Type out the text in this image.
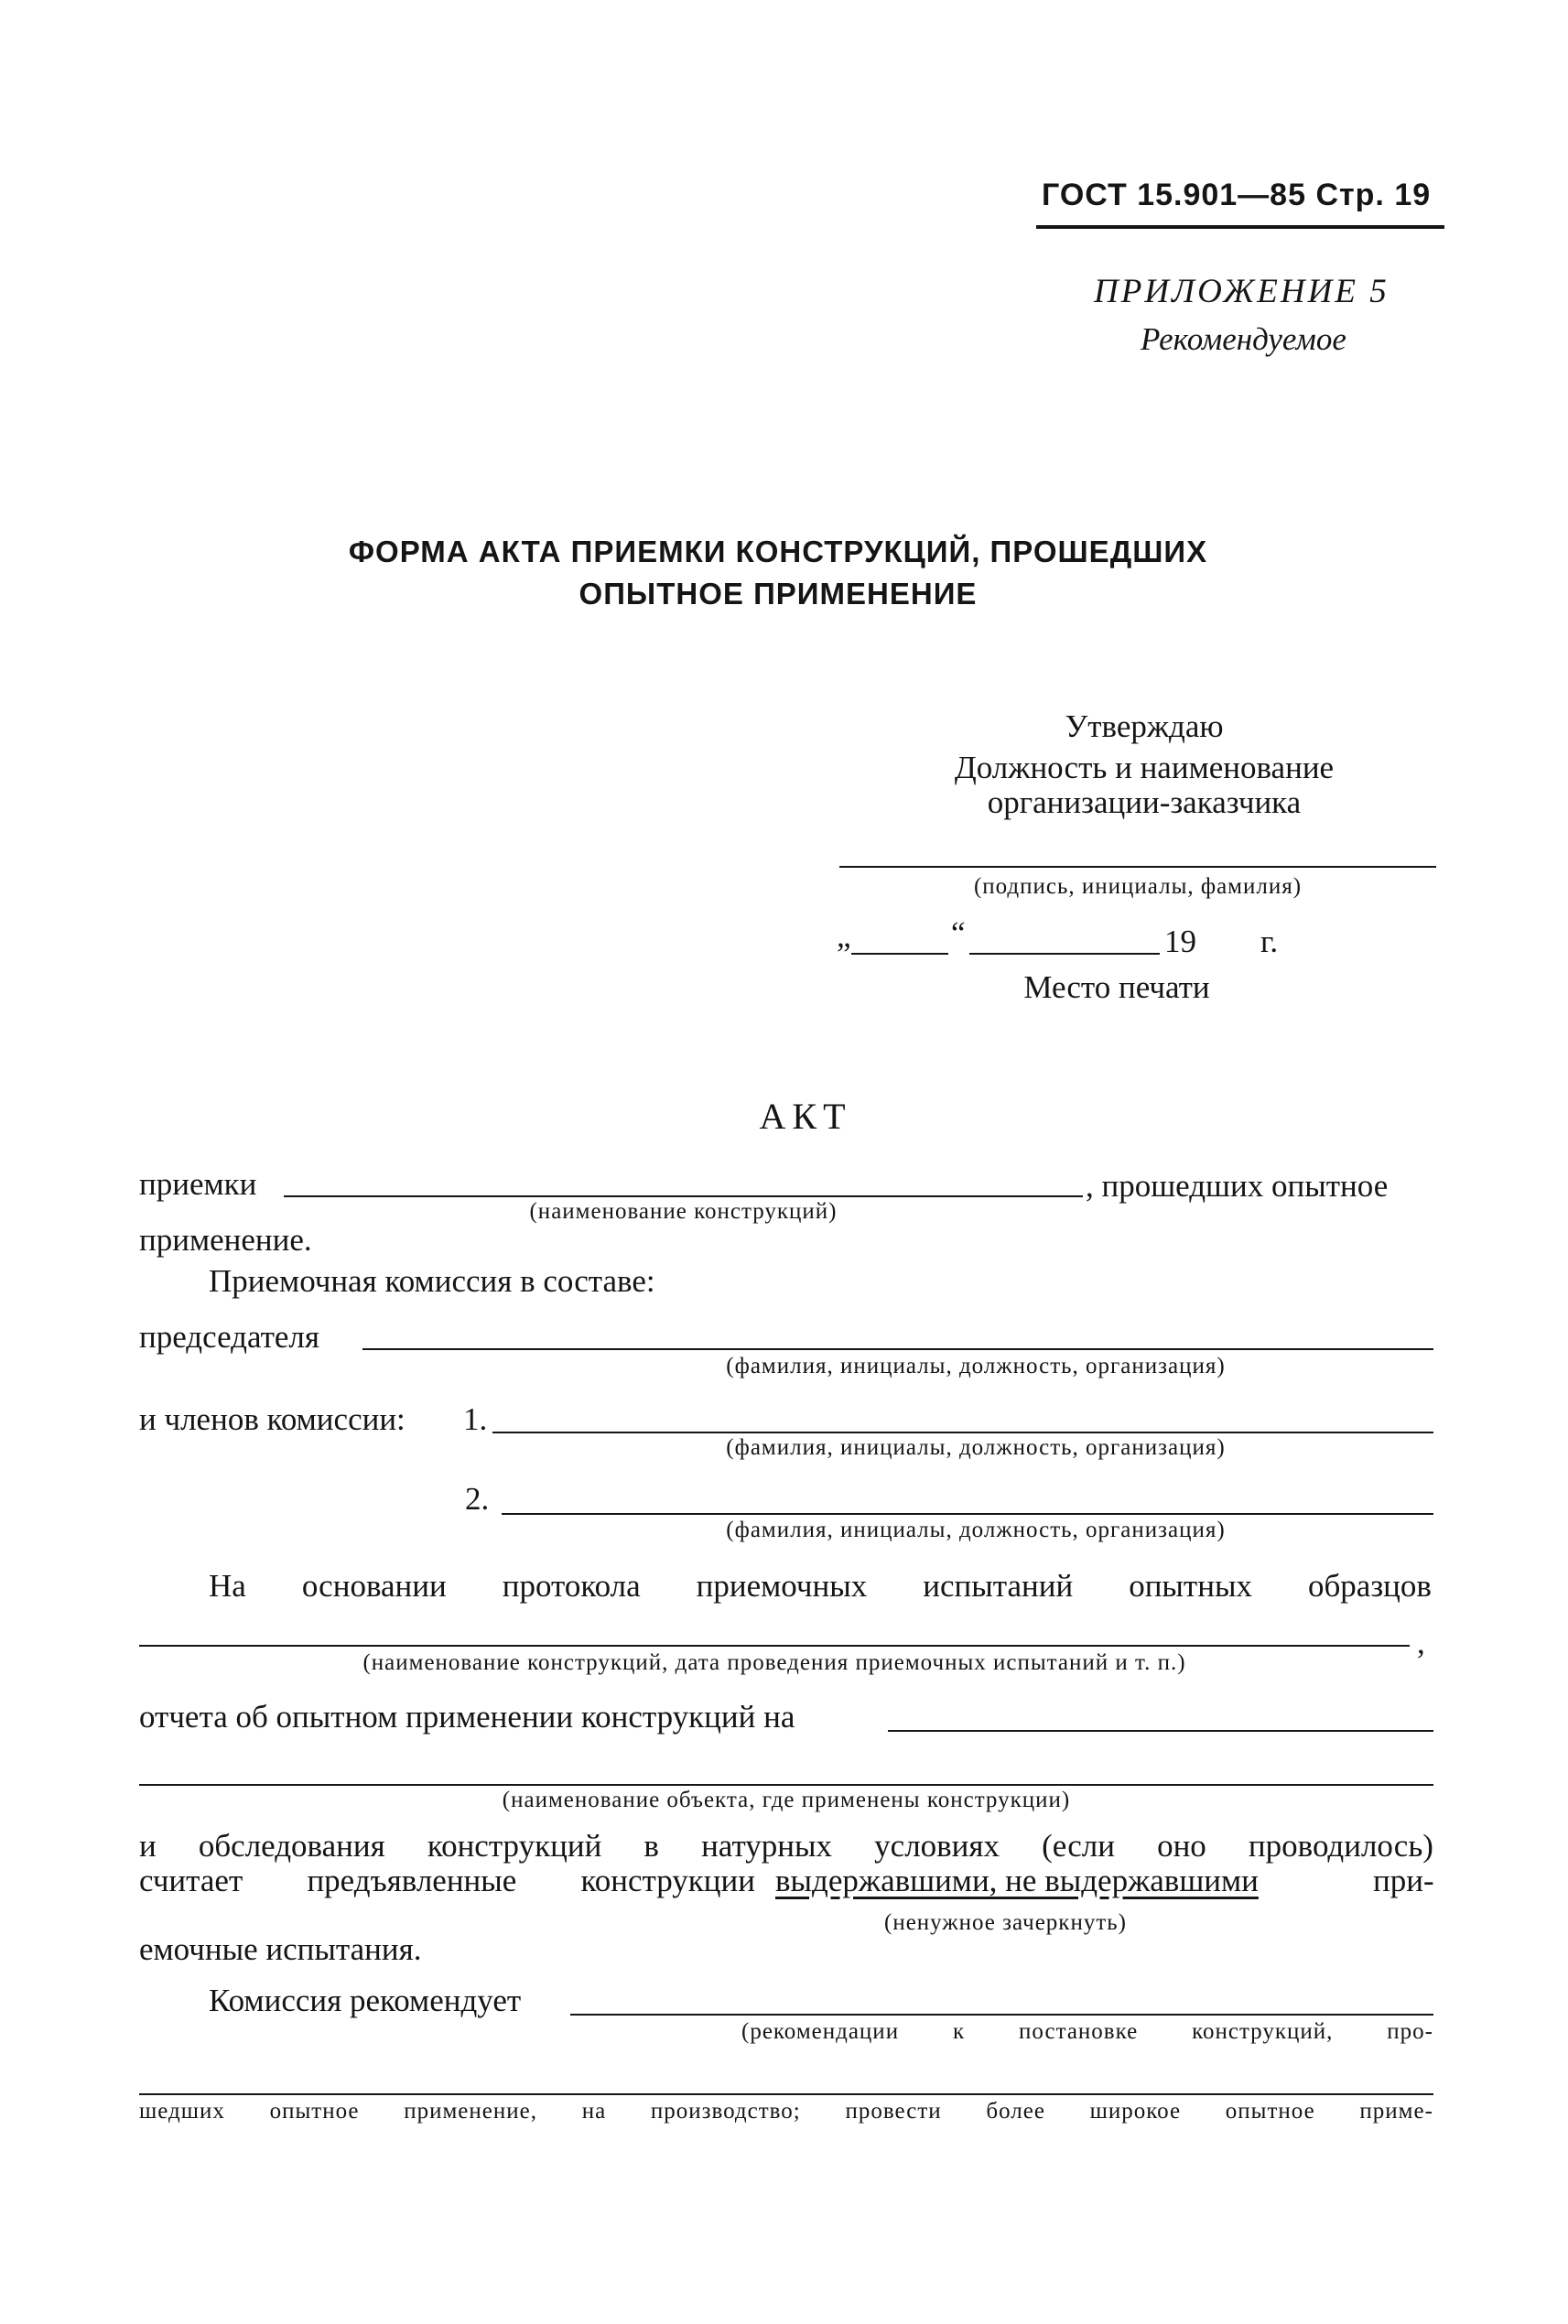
ГОСТ 15.901—85 Стр. 19
ПРИЛОЖЕНИЕ 5
Рекомендуемое
ФОРМА АКТА ПРИЕМКИ КОНСТРУКЦИЙ, ПРОШЕДШИХ
ОПЫТНОЕ ПРИМЕНЕНИЕ
Утверждаю
Должность и наименование
организации-заказчика
(подпись, инициалы, фамилия)
„	“	19 г.
Место печати
АКТ
приемки	, прошедших опытное
(наименование конструкций)
применение.
Приемочная комиссия в составе:
председателя
(фамилия, инициалы, должность, организация)
и членов комиссии: 1.
(фамилия, инициалы, должность, организация)
2.
(фамилия, инициалы, должность, организация)
На основании протокола приемочных испытаний опытных образцов
,
(наименование конструкций, дата проведения приемочных испытаний и т. п.)
отчета об опытном применении конструкций на
(наименование объекта, где применены конструкции)
и обследования конструкций в натурных условиях (если оно проводилось)
считает предъявленные конструкции выдержавшими, не выдержавшими	при-
(ненужное зачеркнуть)
емочные испытания.
Комиссия рекомендует
(рекомендации к постановке конструкций, про-
шедших опытное применение, на производство; провести более широкое опытное приме-
